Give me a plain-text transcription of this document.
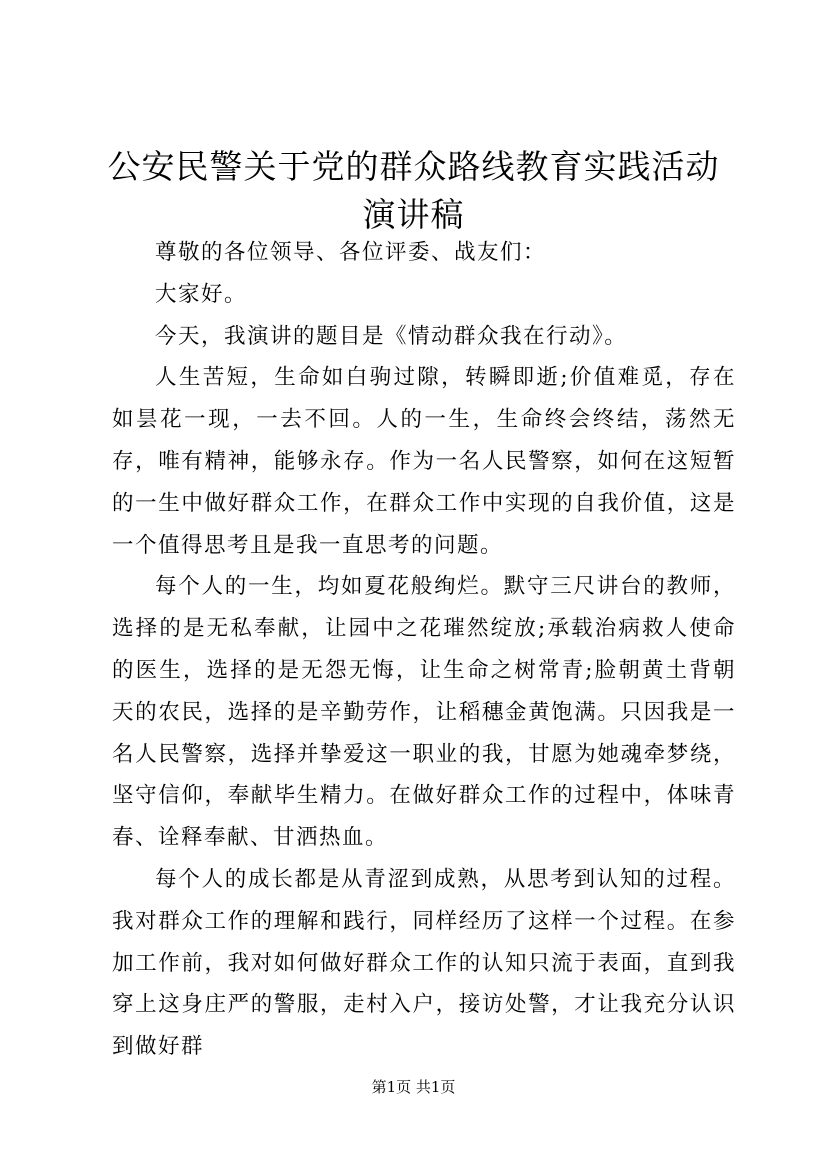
公安民警关于党的群众路线教育实践活动演讲稿

尊敬的各位领导、各位评委、战友们：

大家好。

今天，我演讲的题目是《情动群众我在行动》。

人生苦短，生命如白驹过隙，转瞬即逝;价值难觅，存在如昙花一现，一去不回。人的一生，生命终会终结，荡然无存，唯有精神，能够永存。作为一名人民警察，如何在这短暂的一生中做好群众工作，在群众工作中实现的自我价值，这是一个值得思考且是我一直思考的问题。

每个人的一生，均如夏花般绚烂。默守三尺讲台的教师，选择的是无私奉献，让园中之花璀然绽放;承载治病救人使命的医生，选择的是无怨无悔，让生命之树常青;脸朝黄土背朝天的农民，选择的是辛勤劳作，让稻穗金黄饱满。只因我是一名人民警察，选择并挚爱这一职业的我，甘愿为她魂牵梦绕，坚守信仰，奉献毕生精力。在做好群众工作的过程中，体味青春、诠释奉献、甘洒热血。

每个人的成长都是从青涩到成熟，从思考到认知的过程。我对群众工作的理解和践行，同样经历了这样一个过程。在参加工作前，我对如何做好群众工作的认知只流于表面，直到我穿上这身庄严的警服，走村入户，接访处警，才让我充分认识到做好群

第1页 共1页
